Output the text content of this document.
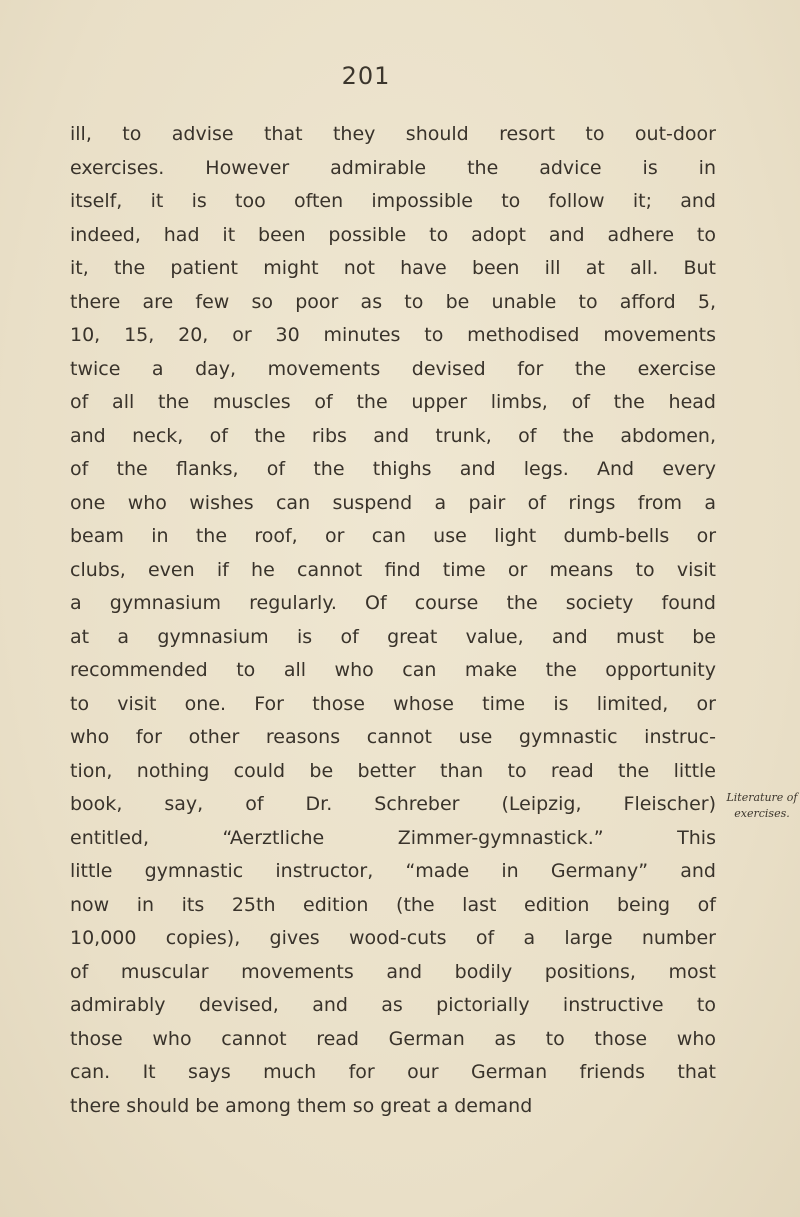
201
ill, to advise that they should resort to out-door
exercises. However admirable the advice is in
itself, it is too often impossible to follow it; and
indeed, had it been possible to adopt and adhere to
it, the patient might not have been ill at all. But
there are few so poor as to be unable to afford 5,
10, 15, 20, or 30 minutes to methodised movements
twice a day, movements devised for the exercise
of all the muscles of the upper limbs, of the head
and neck, of the ribs and trunk, of the abdomen,
of the flanks, of the thighs and legs. And every
one who wishes can suspend a pair of rings from a
beam in the roof, or can use light dumb-bells or
clubs, even if he cannot find time or means to visit
a gymnasium regularly. Of course the society found
at a gymnasium is of great value, and must be
recommended to all who can make the opportunity
to visit one. For those whose time is limited, or
who for other reasons cannot use gymnastic instruc-
tion, nothing could be better than to read the little
book, say, of Dr. Schreber (Leipzig, Fleischer)
entitled, “Aerztliche Zimmer-gymnastick.” This
little gymnastic instructor, “made in Germany” and
now in its 25th edition (the last edition being of
10,000 copies), gives wood-cuts of a large number
of muscular movements and bodily positions, most
admirably devised, and as pictorially instructive to
those who cannot read German as to those who
can. It says much for our German friends that
there should be among them so great a demand
Literature of
exercises.
